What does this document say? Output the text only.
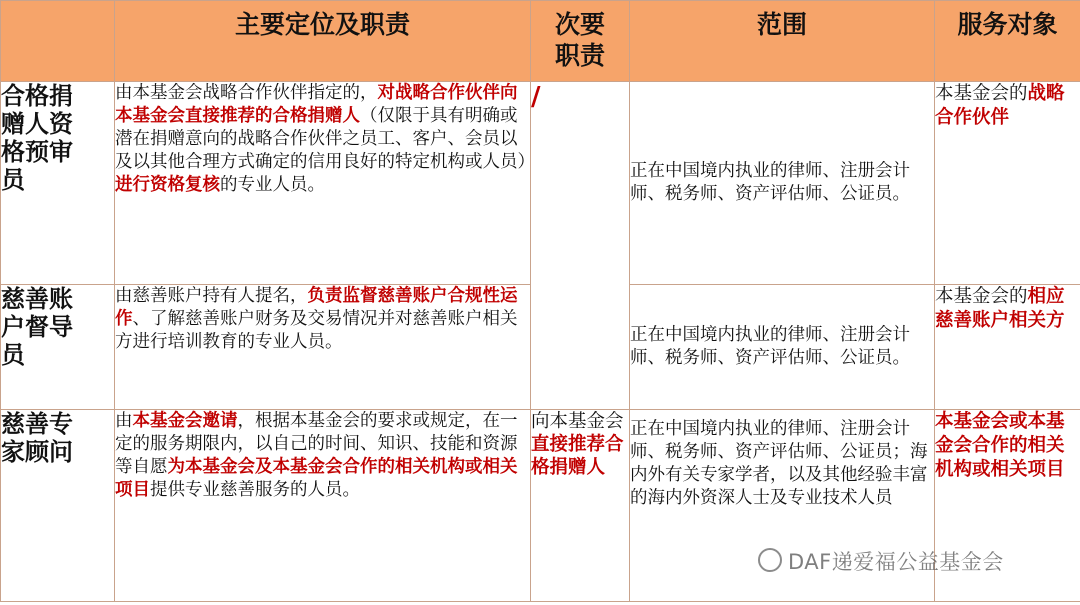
	主要定位及职责	次要
职责	范围	服务对象

合格捐
赠人资
格预审
员	由本基金会战略合作伙伴指定的，对战略合作伙伴向本基金会直接推荐的合格捐赠人（仅限于具有明确或潜在捐赠意向的战略合作伙伴之员工、客户、会员以及以其他合理方式确定的信用良好的特定机构或人员）进行资格复核的专业人员。	/	正在中国境内执业的律师、注册会计师、税务师、资产评估师、公证员。	本基金会的战略合作伙伴

慈善账
户督导
员	由慈善账户持有人提名，负责监督慈善账户合规性运作、了解慈善账户财务及交易情况并对慈善账户相关方进行培训教育的专业人员。		正在中国境内执业的律师、注册会计师、税务师、资产评估师、公证员。	本基金会的相应慈善账户相关方

慈善专
家顾问	由本基金会邀请，根据本基金会的要求或规定，在一定的服务期限内，以自己的时间、知识、技能和资源等自愿为本基金会及本基金会合作的相关机构或相关项目提供专业慈善服务的人员。	向本基金会直接推荐合格捐赠人	正在中国境内执业的律师、注册会计师、税务师、资产评估师、公证员；海内外有关专家学者，以及其他经验丰富的海内外资深人士及专业技术人员	本基金会或本基金会合作的相关机构或相关项目
DAF递爱福公益基金会
